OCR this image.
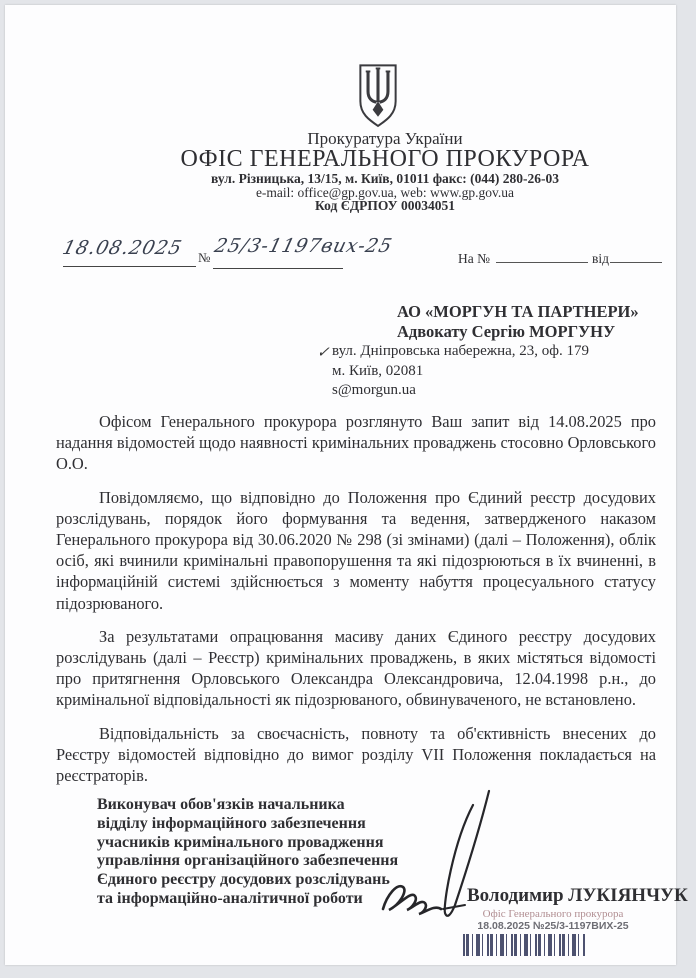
Прокуратура України
ОФІС ГЕНЕРАЛЬНОГО ПРОКУРОРА
вул. Різницька, 13/15, м. Київ, 01011 факс: (044) 280-26-03
e-mail: office@gp.gov.ua, web: www.gp.gov.ua
Код ЄДРПОУ 00034051
18.08.2025 №
25/3-1197вих-25
На №	від
АО «МОРГУН ТА ПАРТНЕРИ»
Адвокату Сергію МОРГУНУ
вул. Дніпровська набережна, 23, оф. 179
м. Київ, 02081
s@morgun.ua
✓

Офісом Генерального прокурора розглянуто Ваш запит від 14.08.2025 про надання відомостей щодо наявності кримінальних проваджень стосовно Орловського О.О.

Повідомляємо, що відповідно до Положення про Єдиний реєстр досудових розслідувань, порядок його формування та ведення, затвердженого наказом Генерального прокурора від 30.06.2020 № 298 (зі змінами) (далі – Положення), облік осіб, які вчинили кримінальні правопорушення та які підозрюються в їх вчиненні, в інформаційній системі здійснюється з моменту набуття процесуального статусу підозрюваного.

За результатами опрацювання масиву даних Єдиного реєстру досудових розслідувань (далі – Реєстр) кримінальних проваджень, в яких містяться відомості про притягнення Орловського Олександра Олександровича, 12.04.1998 р.н., до кримінальної відповідальності як підозрюваного, обвинуваченого, не встановлено.

Відповідальність за своєчасність, повноту та об'єктивність внесених до Реєстру відомостей відповідно до вимог розділу VII Положення покладається на реєстраторів.

Виконувач обов'язків начальника
відділу інформаційного забезпечення
учасників кримінального провадження
управління організаційного забезпечення
Єдиного реєстру досудових розслідувань
та інформаційно-аналітичної роботи	Володимир ЛУКІЯНЧУК
Офіс Генерального прокурора
18.08.2025 №25/3-1197ВИХ-25
